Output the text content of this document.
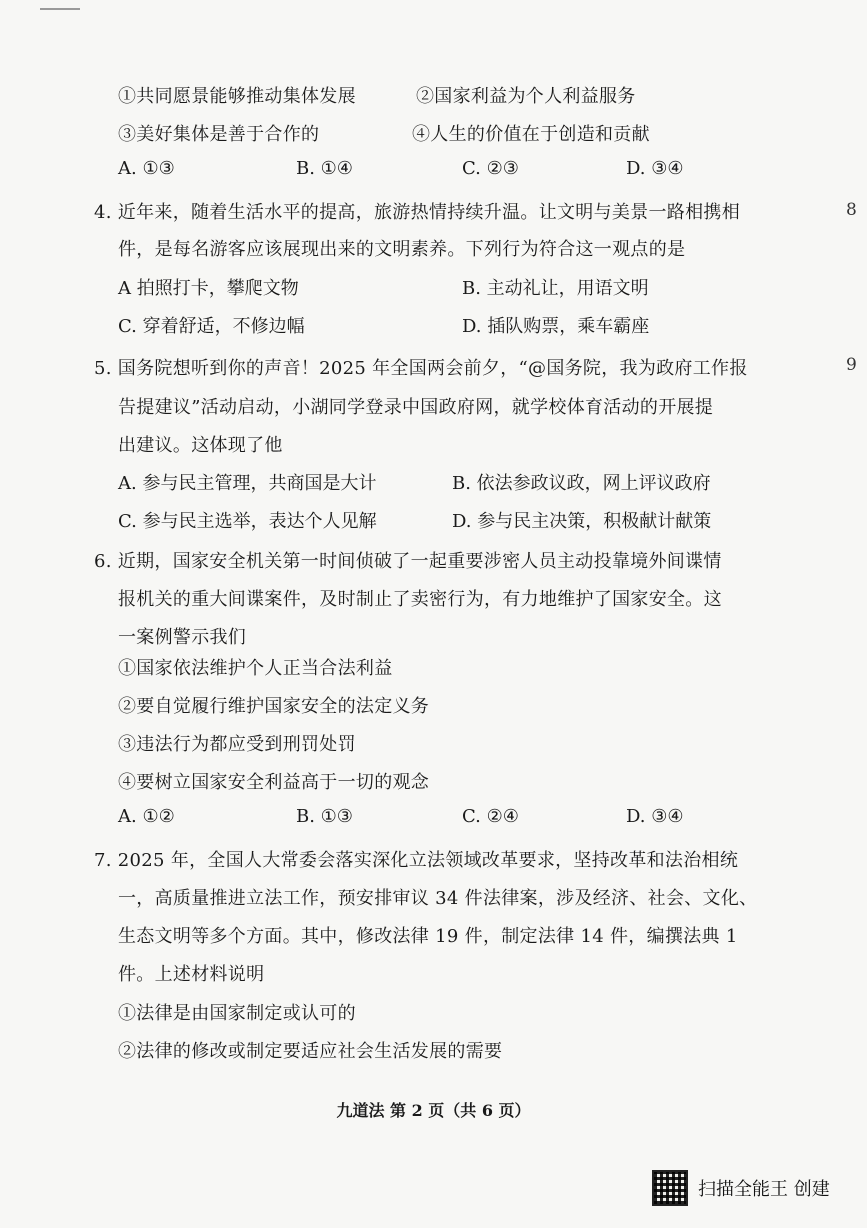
①共同愿景能够推动集体发展	②国家利益为个人利益服务
③美好集体是善于合作的	④人生的价值在于创造和贡献
A. ①③	B. ①④	C. ②③	D. ③④
4. 近年来，随着生活水平的提高，旅游热情持续升温。让文明与美景一路相携相
件，是每名游客应该展现出来的文明素养。下列行为符合这一观点的是
A 拍照打卡，攀爬文物	B. 主动礼让，用语文明
C. 穿着舒适，不修边幅	D. 插队购票，乘车霸座
5. 国务院想听到你的声音！2025 年全国两会前夕，“@国务院，我为政府工作报
告提建议”活动启动，小湖同学登录中国政府网，就学校体育活动的开展提
出建议。这体现了他
A. 参与民主管理，共商国是大计	B. 依法参政议政，网上评议政府
C. 参与民主选举，表达个人见解	D. 参与民主决策，积极献计献策
6. 近期，国家安全机关第一时间侦破了一起重要涉密人员主动投靠境外间谍情
报机关的重大间谍案件，及时制止了卖密行为，有力地维护了国家安全。这
一案例警示我们
①国家依法维护个人正当合法利益
②要自觉履行维护国家安全的法定义务
③违法行为都应受到刑罚处罚
④要树立国家安全利益高于一切的观念
A. ①②	B. ①③	C. ②④	D. ③④
7. 2025 年，全国人大常委会落实深化立法领域改革要求，坚持改革和法治相统
一，高质量推进立法工作，预安排审议 34 件法律案，涉及经济、社会、文化、
生态文明等多个方面。其中，修改法律 19 件，制定法律 14 件，编撰法典 1
件。上述材料说明
①法律是由国家制定或认可的
②法律的修改或制定要适应社会生活发展的需要
8
9
九道法 第 2 页（共 6 页）
扫描全能王 创建
